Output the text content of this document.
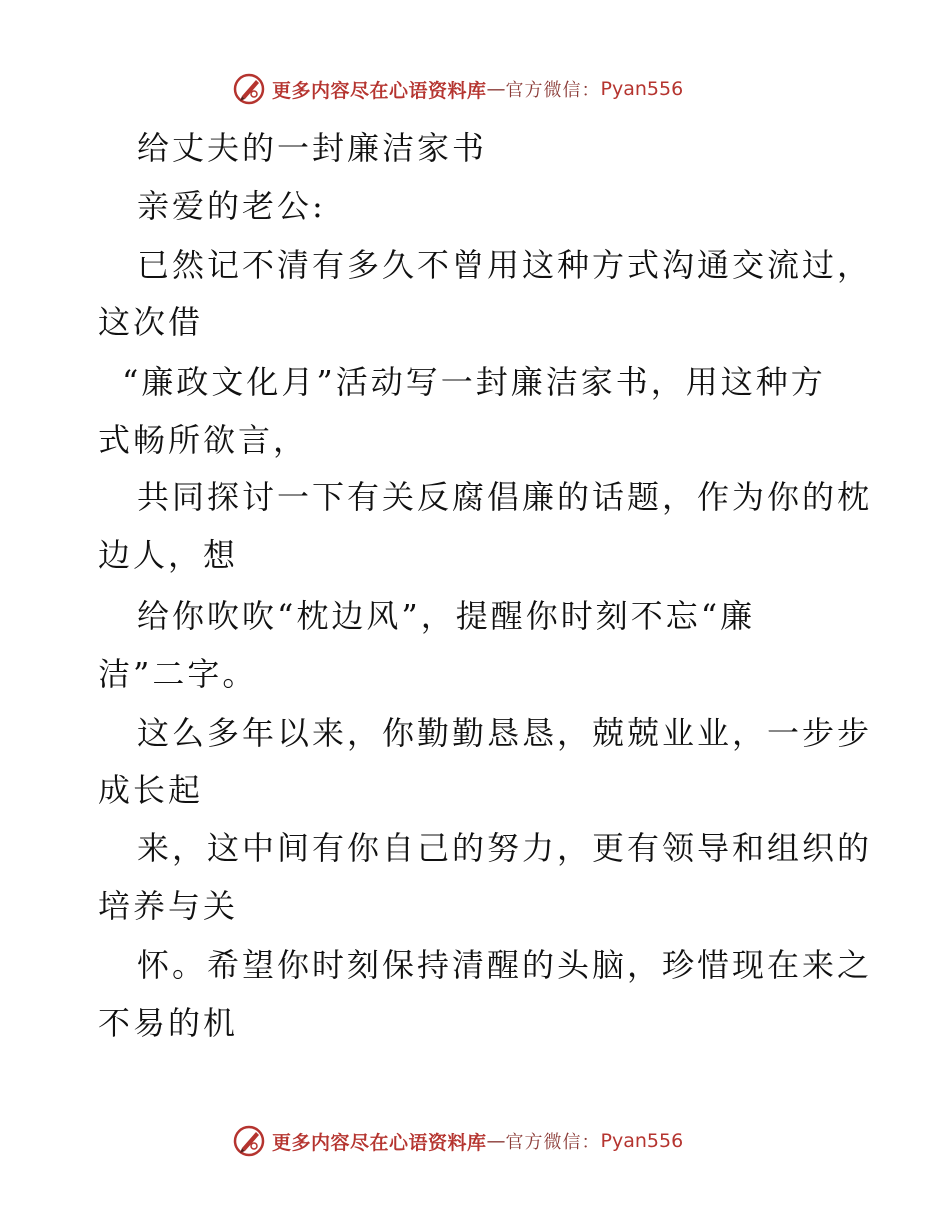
更多内容尽在心语资料库 — 官方微信： Pyan556
给丈夫的一封廉洁家书
亲爱的老公:
已然记不清有多久不曾用这种方式沟通交流过，
这次借
“廉政文化月”活动写一封廉洁家书，用这种方
式畅所欲言，
共同探讨一下有关反腐倡廉的话题，作为你的枕
边人，想
给你吹吹“枕边风”，提醒你时刻不忘“廉
洁”二字。
这么多年以来，你勤勤恳恳，兢兢业业，一步步
成长起
来，这中间有你自己的努力，更有领导和组织的
培养与关
怀。希望你时刻保持清醒的头脑，珍惜现在来之
不易的机
更多内容尽在心语资料库 — 官方微信： Pyan556
